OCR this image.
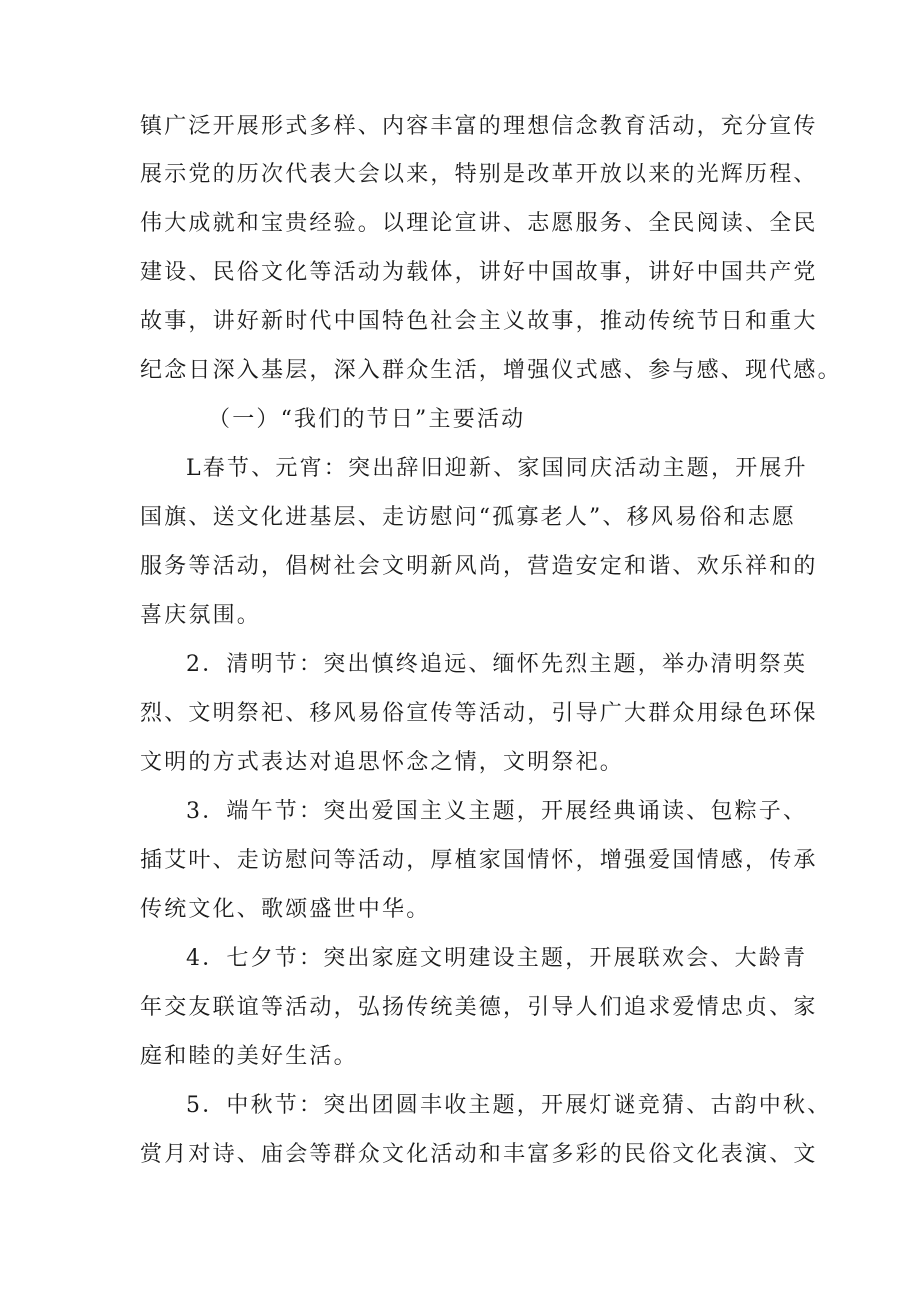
镇广泛开展形式多样、内容丰富的理想信念教育活动，充分宣传
展示党的历次代表大会以来，特别是改革开放以来的光辉历程、
伟大成就和宝贵经验。以理论宣讲、志愿服务、全民阅读、全民
建设、民俗文化等活动为载体，讲好中国故事，讲好中国共产党
故事，讲好新时代中国特色社会主义故事，推动传统节日和重大
纪念日深入基层，深入群众生活，增强仪式感、参与感、现代感。
（一）“我们的节日”主要活动
L春节、元宵：突出辞旧迎新、家国同庆活动主题，开展升
国旗、送文化进基层、走访慰问“孤寡老人”、移风易俗和志愿
服务等活动，倡树社会文明新风尚，营造安定和谐、欢乐祥和的
喜庆氛围。
2．清明节：突出慎终追远、缅怀先烈主题，举办清明祭英
烈、文明祭祀、移风易俗宣传等活动，引导广大群众用绿色环保
文明的方式表达对追思怀念之情，文明祭祀。
3．端午节：突出爱国主义主题，开展经典诵读、包粽子、
插艾叶、走访慰问等活动，厚植家国情怀，增强爱国情感，传承
传统文化、歌颂盛世中华。
4．七夕节：突出家庭文明建设主题，开展联欢会、大龄青
年交友联谊等活动，弘扬传统美德，引导人们追求爱情忠贞、家
庭和睦的美好生活。
5．中秋节：突出团圆丰收主题，开展灯谜竞猜、古韵中秋、
赏月对诗、庙会等群众文化活动和丰富多彩的民俗文化表演、文
